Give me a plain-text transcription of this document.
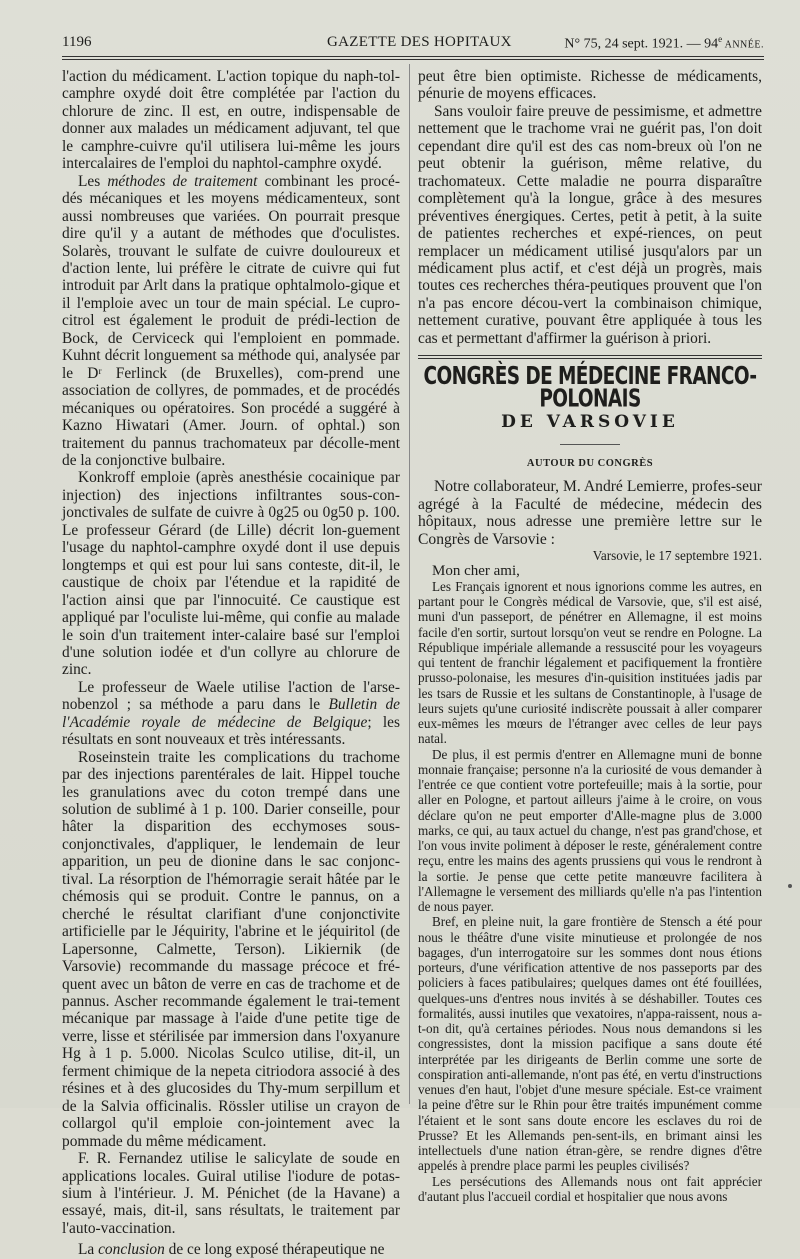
1196	GAZETTE DES HOPITAUX	N° 75, 24 sept. 1921. — 94e ANNÉE.

l'action du médicament. L'action topique du naph-tol-camphre oxydé doit être complétée par l'action du chlorure de zinc. Il est, en outre, indispensable de donner aux malades un médicament adjuvant, tel que le camphre-cuivre qu'il utilisera lui-même les jours intercalaires de l'emploi du naphtol-camphre oxydé.

Les méthodes de traitement combinant les procé-dés mécaniques et les moyens médicamenteux, sont aussi nombreuses que variées. On pourrait presque dire qu'il y a autant de méthodes que d'oculistes. Solarès, trouvant le sulfate de cuivre douloureux et d'action lente, lui préfère le citrate de cuivre qui fut introduit par Arlt dans la pratique ophtalmolo-gique et il l'emploie avec un tour de main spécial. Le cupro-citrol est également le produit de prédi-lection de Bock, de Cerviceck qui l'emploient en pommade. Kuhnt décrit longuement sa méthode qui, analysée par le Dʳ Ferlinck (de Bruxelles), com-prend une association de collyres, de pommades, et de procédés mécaniques ou opératoires. Son procédé a suggéré à Kazno Hiwatari (Amer. Journ. of ophtal.) son traitement du pannus trachomateux par décolle-ment de la conjonctive bulbaire.

Konkroff emploie (après anesthésie cocainique par injection) des injections infiltrantes sous-con-jonctivales de sulfate de cuivre à 0g25 ou 0g50 p. 100. Le professeur Gérard (de Lille) décrit lon-guement l'usage du naphtol-camphre oxydé dont il use depuis longtemps et qui est pour lui sans conteste, dit-il, le caustique de choix par l'étendue et la rapidité de l'action ainsi que par l'innocuité. Ce caustique est appliqué par l'oculiste lui-même, qui confie au malade le soin d'un traitement inter-calaire basé sur l'emploi d'une solution iodée et d'un collyre au chlorure de zinc.

Le professeur de Waele utilise l'action de l'arse-nobenzol ; sa méthode a paru dans le Bulletin de l'Académie royale de médecine de Belgique; les résultats en sont nouveaux et très intéressants.

Roseinstein traite les complications du trachome par des injections parentérales de lait. Hippel touche les granulations avec du coton trempé dans une solution de sublimé à 1 p. 100. Darier conseille, pour hâter la disparition des ecchymoses sous-conjonctivales, d'appliquer, le lendemain de leur apparition, un peu de dionine dans le sac conjonc-tival. La résorption de l'hémorragie serait hâtée par le chémosis qui se produit. Contre le pannus, on a cherché le résultat clarifiant d'une conjonctivite artificielle par le Jéquirity, l'abrine et le jéquiritol (de Lapersonne, Calmette, Terson). Likiernik (de Varsovie) recommande du massage précoce et fré-quent avec un bâton de verre en cas de trachome et de pannus. Ascher recommande également le trai-tement mécanique par massage à l'aide d'une petite tige de verre, lisse et stérilisée par immersion dans l'oxyanure Hg à 1 p. 5.000. Nicolas Sculco utilise, dit-il, un ferment chimique de la nepeta citriodora associé à des résines et à des glucosides du Thy-mum serpillum et de la Salvia officinalis. Rössler utilise un crayon de collargol qu'il emploie con-jointement avec la pommade du même médicament.

F. R. Fernandez utilise le salicylate de soude en applications locales. Guiral utilise l'iodure de potas-sium à l'intérieur. J. M. Pénichet (de la Havane) a essayé, mais, dit-il, sans résultats, le traitement par l'auto-vaccination.

La conclusion de ce long exposé thérapeutique ne

peut être bien optimiste. Richesse de médicaments, pénurie de moyens efficaces.

Sans vouloir faire preuve de pessimisme, et admettre nettement que le trachome vrai ne guérit pas, l'on doit cependant dire qu'il est des cas nom-breux où l'on ne peut obtenir la guérison, même relative, du trachomateux. Cette maladie ne pourra disparaître complètement qu'à la longue, grâce à des mesures préventives énergiques. Certes, petit à petit, à la suite de patientes recherches et expé-riences, on peut remplacer un médicament utilisé jusqu'alors par un médicament plus actif, et c'est déjà un progrès, mais toutes ces recherches théra-peutiques prouvent que l'on n'a pas encore décou-vert la combinaison chimique, nettement curative, pouvant être appliquée à tous les cas et permettant d'affirmer la guérison à priori.

CONGRÈS DE MÉDECINE FRANCO-POLONAIS
DE VARSOVIE
AUTOUR DU CONGRÈS

Notre collaborateur, M. André Lemierre, profes-seur agrégé à la Faculté de médecine, médecin des hôpitaux, nous adresse une première lettre sur le Congrès de Varsovie :

Varsovie, le 17 septembre 1921.

Mon cher ami,

Les Français ignorent et nous ignorions comme les autres, en partant pour le Congrès médical de Varsovie, que, s'il est aisé, muni d'un passeport, de pénétrer en Allemagne, il est moins facile d'en sortir, surtout lorsqu'on veut se rendre en Pologne. La République impériale allemande a ressuscité pour les voyageurs qui tentent de franchir légalement et pacifiquement la frontière prusso-polonaise, les mesures d'in-quisition instituées jadis par les tsars de Russie et les sultans de Constantinople, à l'usage de leurs sujets qu'une curiosité indiscrète poussait à aller comparer eux-mêmes les mœurs de l'étranger avec celles de leur pays natal.

De plus, il est permis d'entrer en Allemagne muni de bonne monnaie française; personne n'a la curiosité de vous demander à l'entrée ce que contient votre portefeuille; mais à la sortie, pour aller en Pologne, et partout ailleurs j'aime à le croire, on vous déclare qu'on ne peut emporter d'Alle-magne plus de 3.000 marks, ce qui, au taux actuel du change, n'est pas grand'chose, et l'on vous invite poliment à déposer le reste, généralement contre reçu, entre les mains des agents prussiens qui vous le rendront à la sortie. Je pense que cette petite manœuvre facilitera à l'Allemagne le versement des milliards qu'elle n'a pas l'intention de nous payer.

Bref, en pleine nuit, la gare frontière de Stensch a été pour nous le théâtre d'une visite minutieuse et prolongée de nos bagages, d'un interrogatoire sur les sommes dont nous étions porteurs, d'une vérification attentive de nos passeports par des policiers à faces patibulaires; quelques dames ont été fouillées, quelques-uns d'entres nous invités à se déshabiller. Toutes ces formalités, aussi inutiles que vexatoires, n'appa-raissent, nous a-t-on dit, qu'à certaines périodes. Nous nous demandons si les congressistes, dont la mission pacifique a sans doute été interprétée par les dirigeants de Berlin comme une sorte de conspiration anti-allemande, n'ont pas été, en vertu d'instructions venues d'en haut, l'objet d'une mesure spéciale. Est-ce vraiment la peine d'être sur le Rhin pour être traités impunément comme l'étaient et le sont sans doute encore les esclaves du roi de Prusse? Et les Allemands pen-sent-ils, en brimant ainsi les intellectuels d'une nation étran-gère, se rendre dignes d'être appelés à prendre place parmi les peuples civilisés?

Les persécutions des Allemands nous ont fait apprécier d'autant plus l'accueil cordial et hospitalier que nous avons
